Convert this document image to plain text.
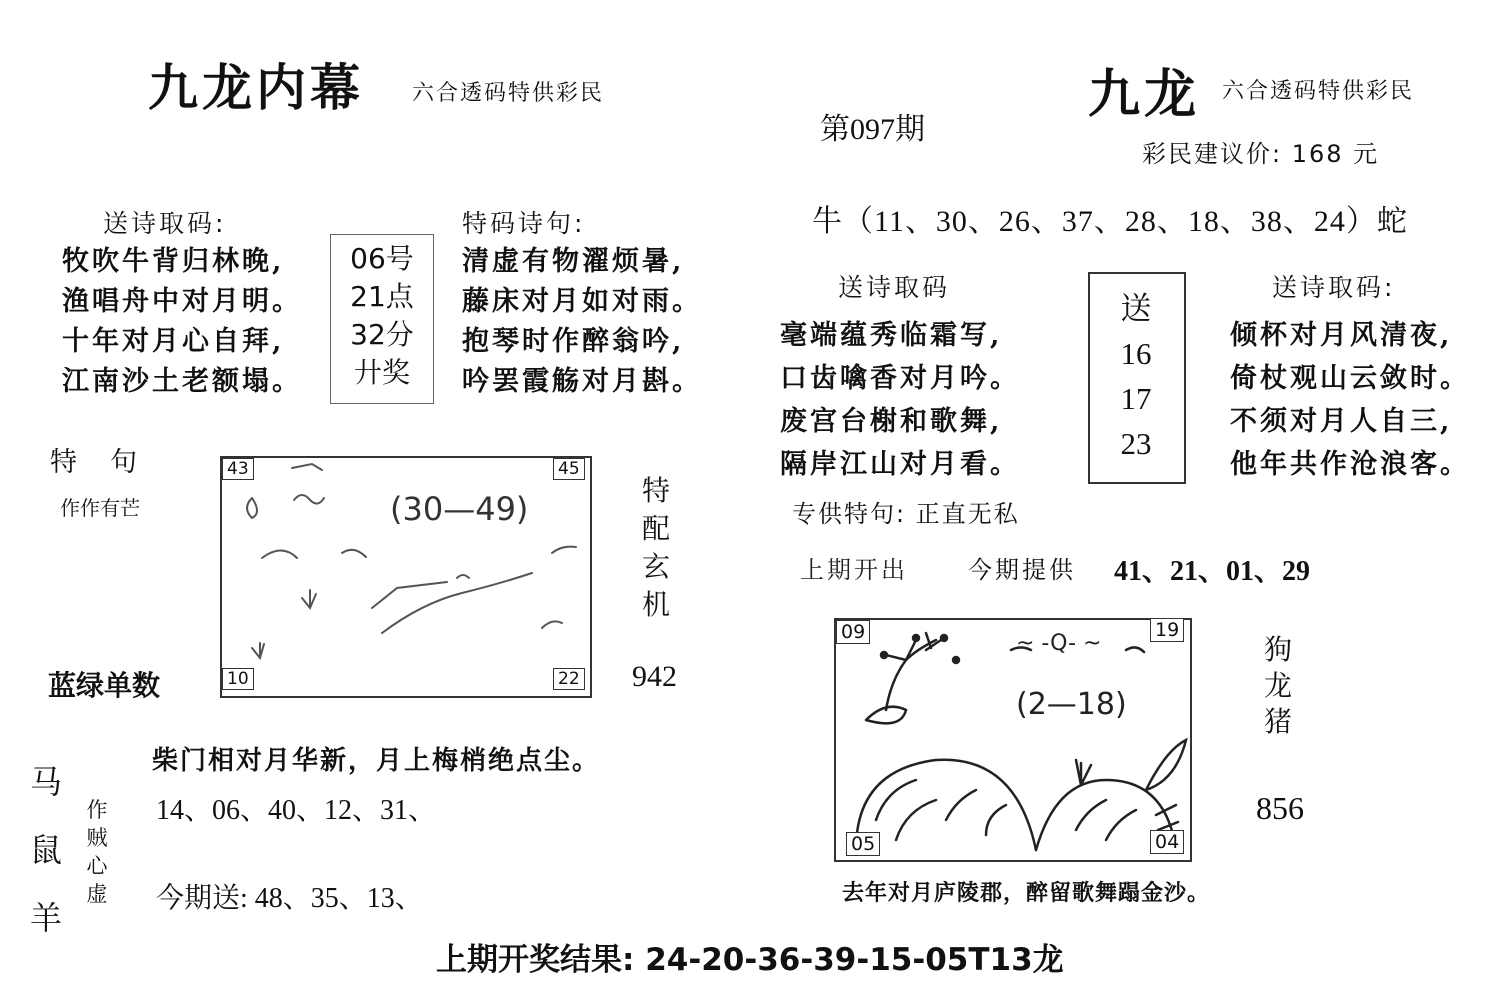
九龙内幕 六合透码特供彩民
送诗取码:
牧吹牛背归林晚,
渔唱舟中对月明。
十年对月心自拜,
江南沙土老额塌。
06号
21点
32分
廾奖
特码诗句:
清虚有物濯烦暑,
藤床对月如对雨。
抱琴时作醉翁吟,
吟罢霞觞对月斟。
特　句
作作有芒	(30—49)
43	45
10	22
特
配
玄
机
942
蓝绿单数
马
鼠
羊
作
贼
心
虚
柴门相对月华新，月上梅梢绝点尘。
14、06、40、12、31、
今期送: 48、35、13、
九龙 六合透码特供彩民
第097期
彩民建议价: 168 元
牛（11、30、26、37、28、18、38、24）蛇
送诗取码
毫端蕴秀临霜写,
口齿噙香对月吟。
废宫台榭和歌舞,
隔岸江山对月看。
送
16
17
23
送诗取码:
倾杯对月风清夜,
倚杖观山云敛时。
不须对月人自三,
他年共作沧浪客。
专供特句: 正直无私
上期开出	今期提供 41、21、01、29
(2—18)
~ -Q- ~
09	19
05	04
狗
龙
猪
856
去年对月庐陵郡，醉留歌舞蹋金沙。
上期开奖结果: 24-20-36-39-15-05T13龙
